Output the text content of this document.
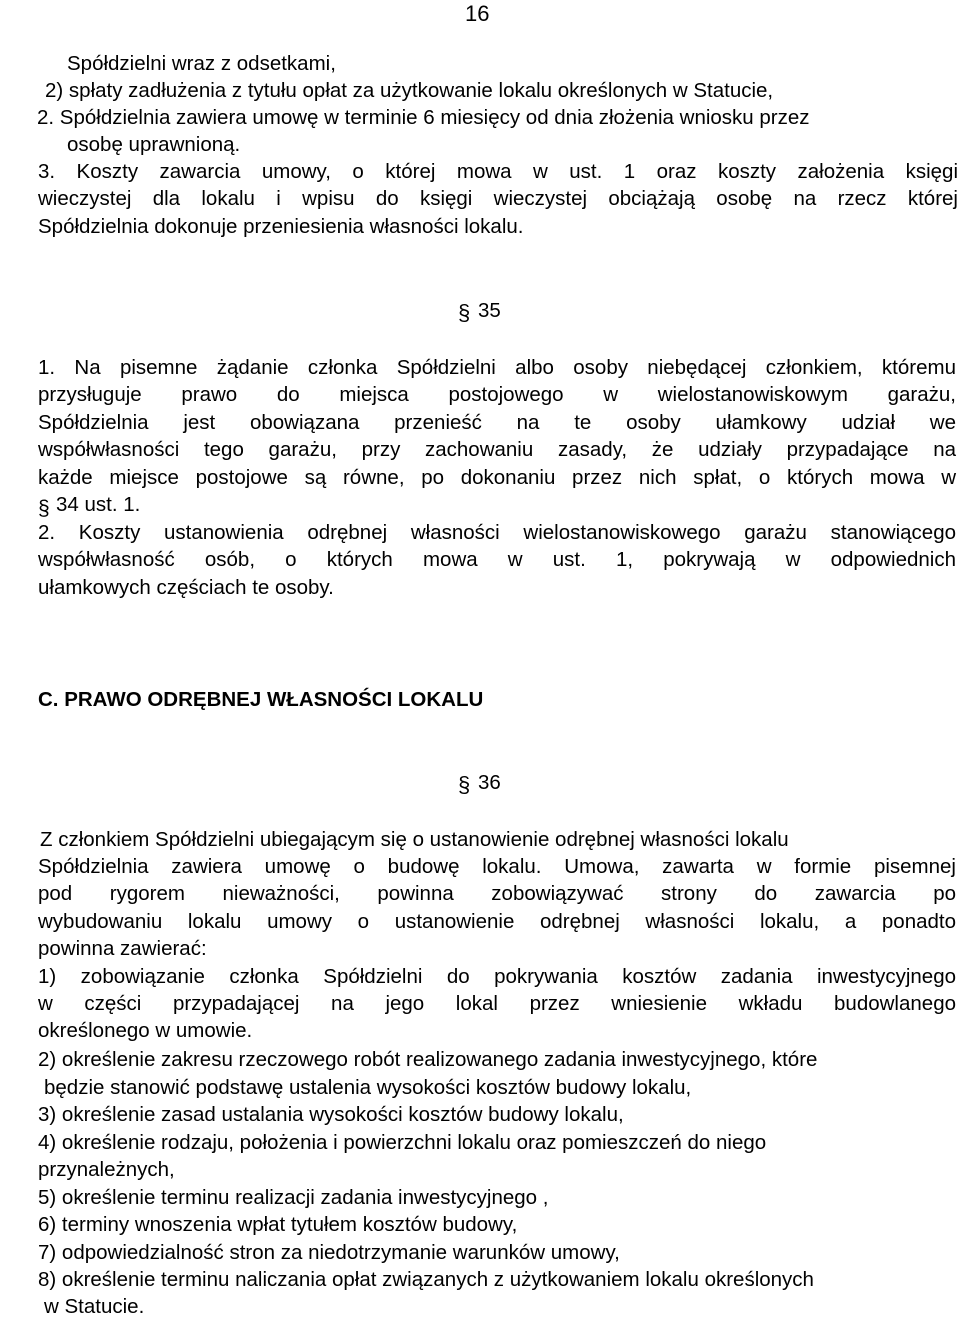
16
Spółdzielni wraz z odsetkami,
2) spłaty zadłużenia z tytułu opłat za użytkowanie lokalu określonych w Statucie,
2. Spółdzielnia zawiera umowę w terminie 6 miesięcy od dnia złożenia wniosku przez
osobę uprawnioną.
3. Koszty zawarcia umowy, o której mowa w ust. 1 oraz koszty założenia księgi
wieczystej dla lokalu i wpisu do księgi wieczystej obciążają osobę na rzecz której
Spółdzielnia dokonuje przeniesienia własności lokalu.
§ 35
1. Na pisemne żądanie członka Spółdzielni albo osoby niebędącej członkiem, któremu
przysługuje prawo do miejsca postojowego w wielostanowiskowym garażu,
Spółdzielnia jest obowiązana przenieść na te osoby ułamkowy udział we
współwłasności tego garażu, przy zachowaniu zasady, że udziały przypadające na
każde miejsce postojowe są równe, po dokonaniu przez nich spłat, o których mowa w
§ 34 ust. 1.
2. Koszty ustanowienia odrębnej własności wielostanowiskowego garażu stanowiącego
współwłasność osób, o których mowa w ust. 1, pokrywają w odpowiednich
ułamkowych częściach te osoby.
C. PRAWO ODRĘBNEJ WŁASNOŚCI LOKALU
§ 36
Z członkiem Spółdzielni ubiegającym się o ustanowienie odrębnej własności lokalu
Spółdzielnia zawiera umowę o budowę lokalu. Umowa, zawarta w formie pisemnej
pod rygorem nieważności, powinna zobowiązywać strony do zawarcia po
wybudowaniu lokalu umowy o ustanowienie odrębnej własności lokalu, a ponadto
powinna zawierać:
1) zobowiązanie członka Spółdzielni do pokrywania kosztów zadania inwestycyjnego
w części przypadającej na jego lokal przez wniesienie wkładu budowlanego
określonego w umowie.
2) określenie zakresu rzeczowego robót realizowanego zadania inwestycyjnego, które
będzie stanowić podstawę ustalenia wysokości kosztów budowy lokalu,
3) określenie zasad ustalania wysokości kosztów budowy lokalu,
4) określenie rodzaju, położenia i powierzchni lokalu oraz pomieszczeń do niego
przynależnych,
5) określenie terminu realizacji zadania inwestycyjnego ,
6) terminy wnoszenia wpłat tytułem kosztów budowy,
7) odpowiedzialność stron za niedotrzymanie warunków umowy,
8) określenie terminu naliczania opłat związanych z użytkowaniem lokalu określonych
w Statucie.
